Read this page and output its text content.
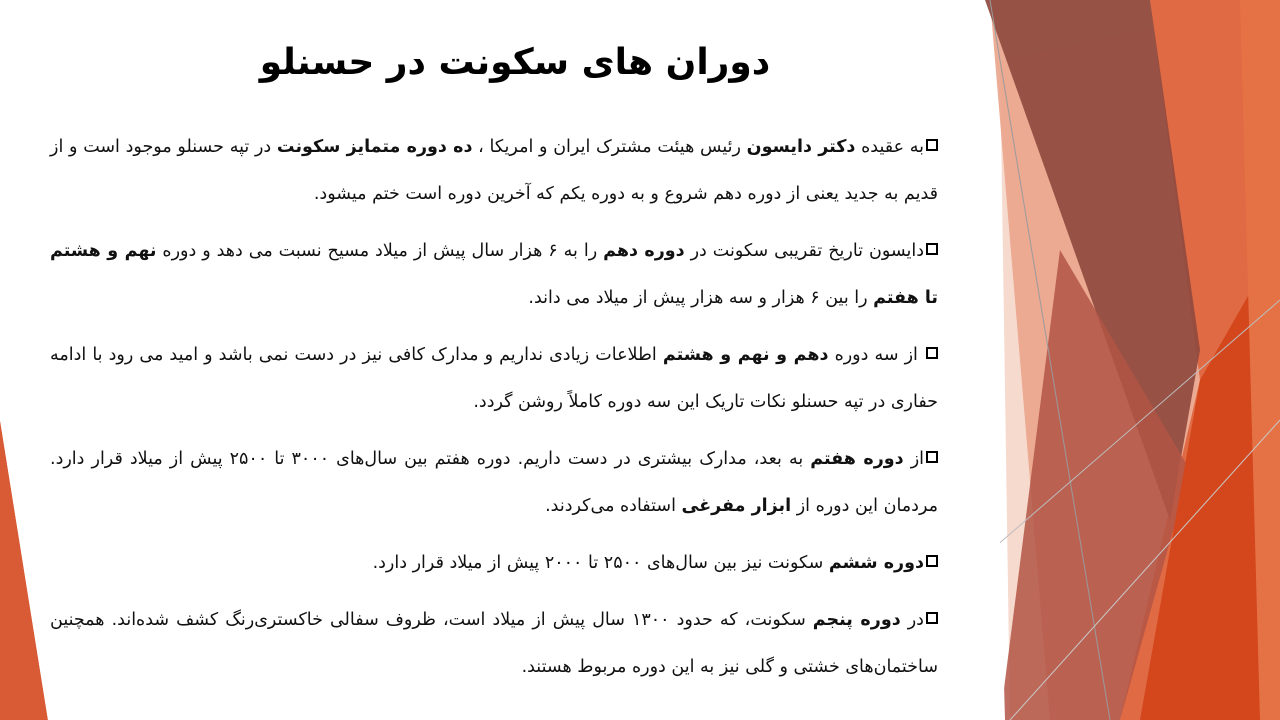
دوران های سکونت در حسنلو

به عقیده دکتر دایسون رئیس هیئت مشترک ایران و امریکا ، ده دوره متمایز سکونت در تپه حسنلو موجود است و از قدیم به جدید یعنی از دوره دهم شروع و به دوره یکم که آخرین دوره است ختم میشود.

دایسون تاریخ تقریبی سکونت در دوره دهم را به ۶ هزار سال پیش از میلاد مسیح نسبت می دهد و دوره نهم و هشتم تا هفتم را بین ۶ هزار و سه هزار پیش از میلاد می داند.

از سه دوره دهم و نهم و هشتم اطلاعات زیادی نداریم و مدارک کافی نیز در دست نمی باشد و امید می رود با ادامه حفاری در تپه حسنلو نکات تاریک این سه دوره کاملاً روشن گردد.

از دوره هفتم به بعد، مدارک بیشتری در دست داریم. دوره هفتم بین سال‌های ۳۰۰۰ تا ۲۵۰۰ پیش از میلاد قرار دارد. مردمان این دوره از ابزار مفرغی استفاده می‌کردند.

دوره ششم سکونت نیز بین سال‌های ۲۵۰۰ تا ۲۰۰۰ پیش از میلاد قرار دارد.

در دوره پنجم سکونت، که حدود ۱۳۰۰ سال پیش از میلاد است، ظروف سفالی خاکستری‌رنگ کشف شده‌اند. همچنین ساختمان‌های خشتی و گلی نیز به این دوره مربوط هستند.
